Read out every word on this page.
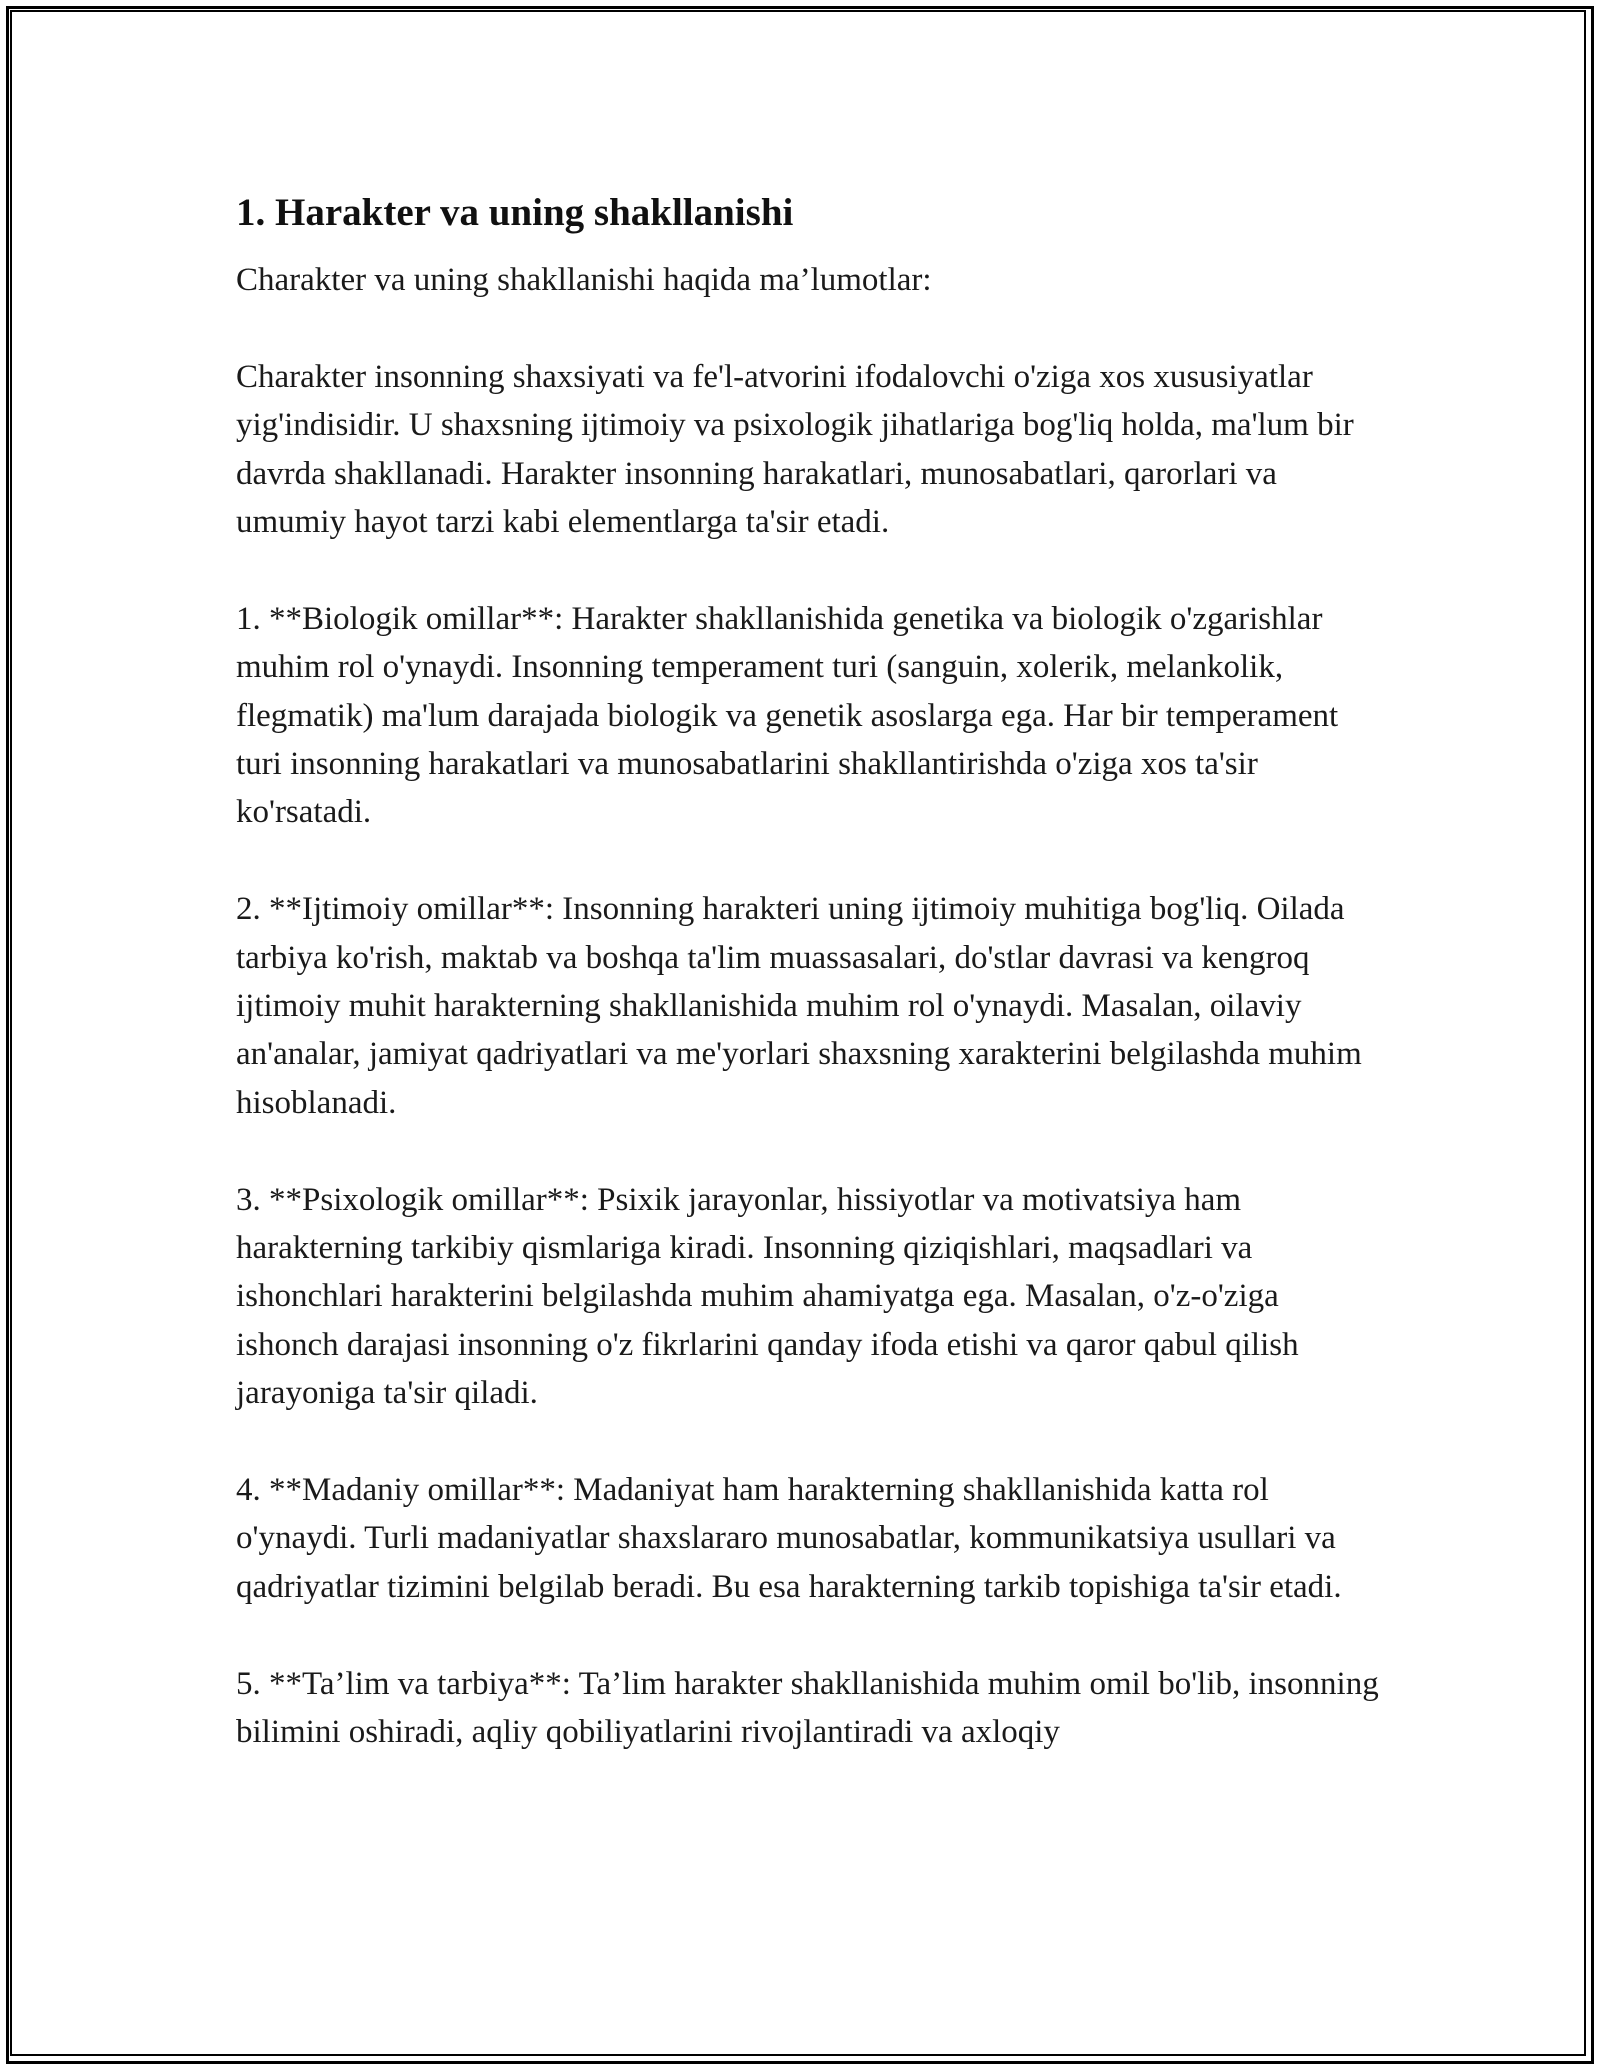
1. Harakter va uning shakllanishi

Charakter va uning shakllanishi haqida ma’lumotlar:

Charakter insonning shaxsiyati va fe'l-atvorini ifodalovchi o'ziga xos xususiyatlar yig'indisidir. U shaxsning ijtimoiy va psixologik jihatlariga bog'liq holda, ma'lum bir davrda shakllanadi. Harakter insonning harakatlari, munosabatlari, qarorlari va umumiy hayot tarzi kabi elementlarga ta'sir etadi.

1. **Biologik omillar**: Harakter shakllanishida genetika va biologik o'zgarishlar muhim rol o'ynaydi. Insonning temperament turi (sanguin, xolerik, melankolik, flegmatik) ma'lum darajada biologik va genetik asoslarga ega. Har bir temperament turi insonning harakatlari va munosabatlarini shakllantirishda o'ziga xos ta'sir ko'rsatadi.

2. **Ijtimoiy omillar**: Insonning harakteri uning ijtimoiy muhitiga bog'liq. Oilada tarbiya ko'rish, maktab va boshqa ta'lim muassasalari, do'stlar davrasi va kengroq ijtimoiy muhit harakterning shakllanishida muhim rol o'ynaydi. Masalan, oilaviy an'analar, jamiyat qadriyatlari va me'yorlari shaxsning xarakterini belgilashda muhim hisoblanadi.

3. **Psixologik omillar**: Psixik jarayonlar, hissiyotlar va motivatsiya ham harakterning tarkibiy qismlariga kiradi. Insonning qiziqishlari, maqsadlari va ishonchlari harakterini belgilashda muhim ahamiyatga ega. Masalan, o'z-o'ziga ishonch darajasi insonning o'z fikrlarini qanday ifoda etishi va qaror qabul qilish jarayoniga ta'sir qiladi.

4. **Madaniy omillar**: Madaniyat ham harakterning shakllanishida katta rol o'ynaydi. Turli madaniyatlar shaxslararo munosabatlar, kommunikatsiya usullari va qadriyatlar tizimini belgilab beradi. Bu esa harakterning tarkib topishiga ta'sir etadi.

5. **Ta’lim va tarbiya**: Ta’lim harakter shakllanishida muhim omil bo'lib, insonning bilimini oshiradi, aqliy qobiliyatlarini rivojlantiradi va axloqiy
